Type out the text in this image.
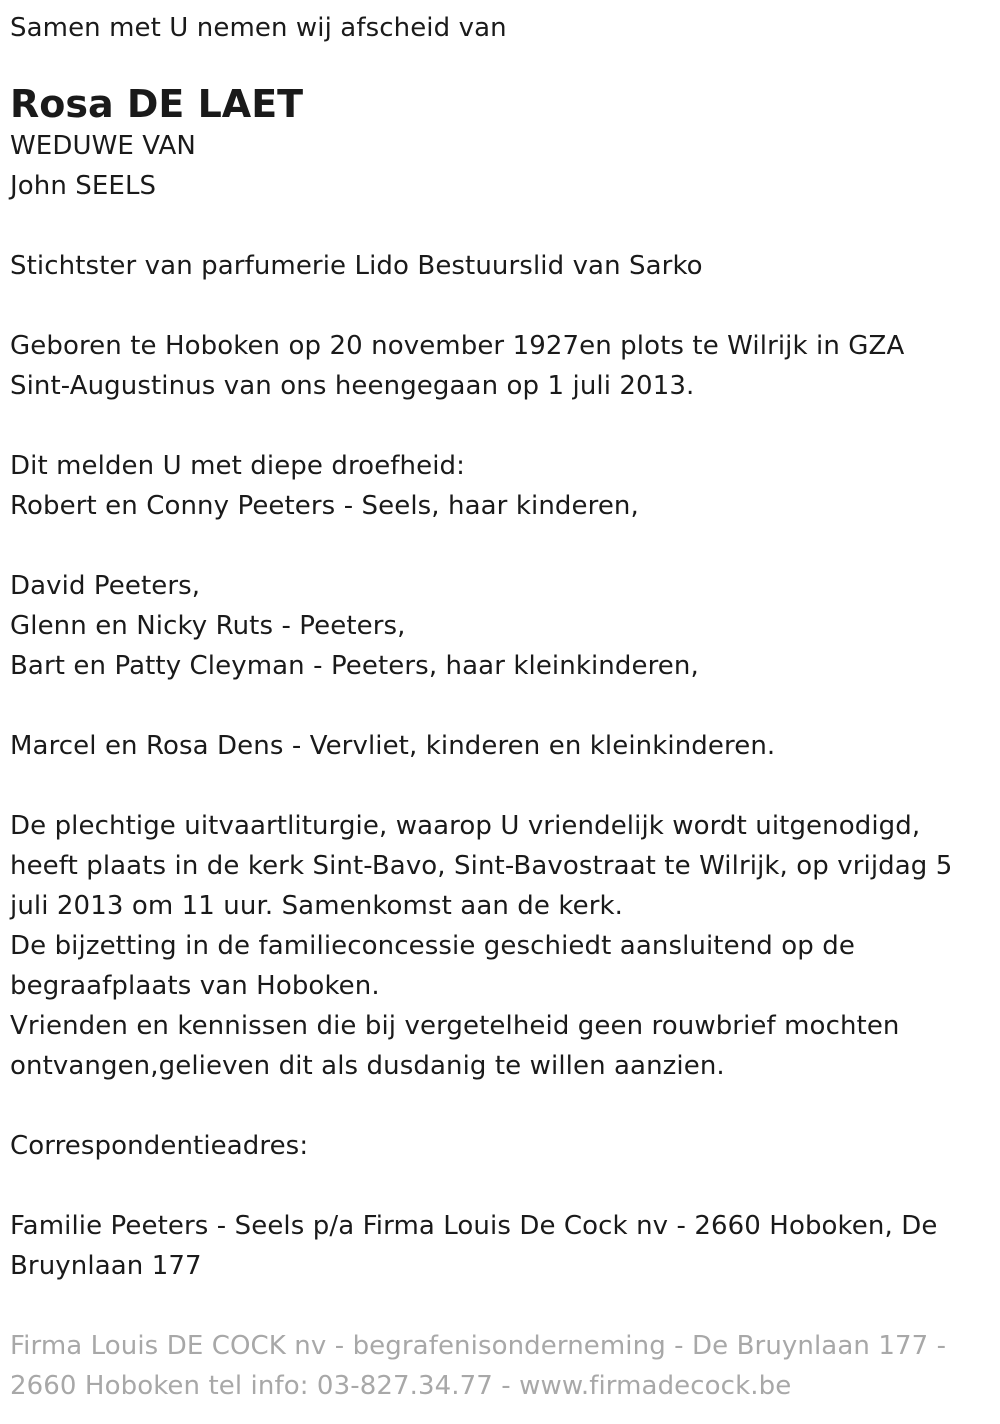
Samen met U nemen wij afscheid van
Rosa DE LAET
WEDUWE VAN
John SEELS
Stichtster van parfumerie Lido Bestuurslid van Sarko
Geboren te Hoboken op 20 november 1927en plots te Wilrijk in GZA
Sint-Augustinus van ons heengegaan op 1 juli 2013.
Dit melden U met diepe droefheid:
Robert en Conny Peeters - Seels, haar kinderen,
David Peeters,
Glenn en Nicky Ruts - Peeters,
Bart en Patty Cleyman - Peeters, haar kleinkinderen,
Marcel en Rosa Dens - Vervliet, kinderen en kleinkinderen.
De plechtige uitvaartliturgie, waarop U vriendelijk wordt uitgenodigd,
heeft plaats in de kerk Sint-Bavo, Sint-Bavostraat te Wilrijk, op vrijdag 5
juli 2013 om 11 uur. Samenkomst aan de kerk.
De bijzetting in de familieconcessie geschiedt aansluitend op de
begraafplaats van Hoboken.
Vrienden en kennissen die bij vergetelheid geen rouwbrief mochten
ontvangen,gelieven dit als dusdanig te willen aanzien.
Correspondentieadres:
Familie Peeters - Seels p/a Firma Louis De Cock nv - 2660 Hoboken, De
Bruynlaan 177
Firma Louis DE COCK nv - begrafenisonderneming - De Bruynlaan 177 -
2660 Hoboken tel info: 03-827.34.77 - www.firmadecock.be
